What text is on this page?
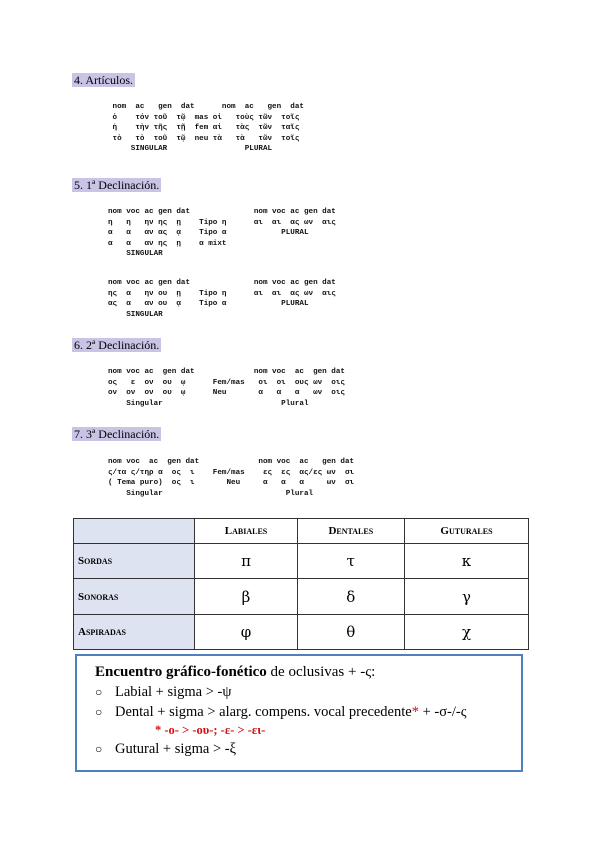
4. Artículos.
nom  ac   gen  dat      nom  ac   gen  dat
ὁ    τόν τοῦ  τῷ  mas οἱ   τοὺς τῶν  τοῖς
ἡ    τὴν τῆς  τῇ  fem αἱ   τὰς  τῶν  ταῖς
τὸ   τὸ  τοῦ  τῷ  neu τὰ   τὰ   τῶν  τοῖς
SINGULAR                 PLURAL
5. 1ª Declinación.
nom voc ac gen dat              nom voc ac gen dat
η   η   ην ης  ῃ    Tipo η      αι  αι  ας ων  αις
α   α   αν ας  ᾳ    Tipo α            PLURAL
α   α   αν ης  ῃ    α mixt
SINGULAR
nom voc ac gen dat              nom voc ac gen dat
ης  α   ην ου  ῃ    Tipo η      αι  αι  ας ων  αις
ας  α   αν ου  ᾳ    Tipo α            PLURAL
SINGULAR
6. 2ª Declinación.
nom voc ac  gen dat             nom voc  ac  gen dat
ος   ε  ον  ου  ῳ      Fem/mas   οι  οι  ους ων  οις
ον  ον  ον  ου  ῳ      Neu       α   α   α   ων  οις
Singular                          Plural
7. 3ª Declinación.
nom voc  ac  gen dat             nom voc  ac   gen dat
ς/τα ς/τηρ α  ος  ι    Fem/mas    ες  ες  ας/ες ων  σι
( Tema puro)  ος  ι       Neu     α   α   α     ων  σι
Singular                           Plural
	Labiales	Dentales	Guturales
Sordas	π	τ	κ
Sonoras	β	δ	γ
Aspiradas	φ	θ	χ
Encuentro gráfico-fonético de oclusivas + -ς:
○ Labial + sigma > -ψ
○ Dental + sigma > alarg. compens. vocal precedente* + -σ-/-ς
* -ο- > -ου-; -ε- > -ει-
○ Gutural + sigma > -ξ
